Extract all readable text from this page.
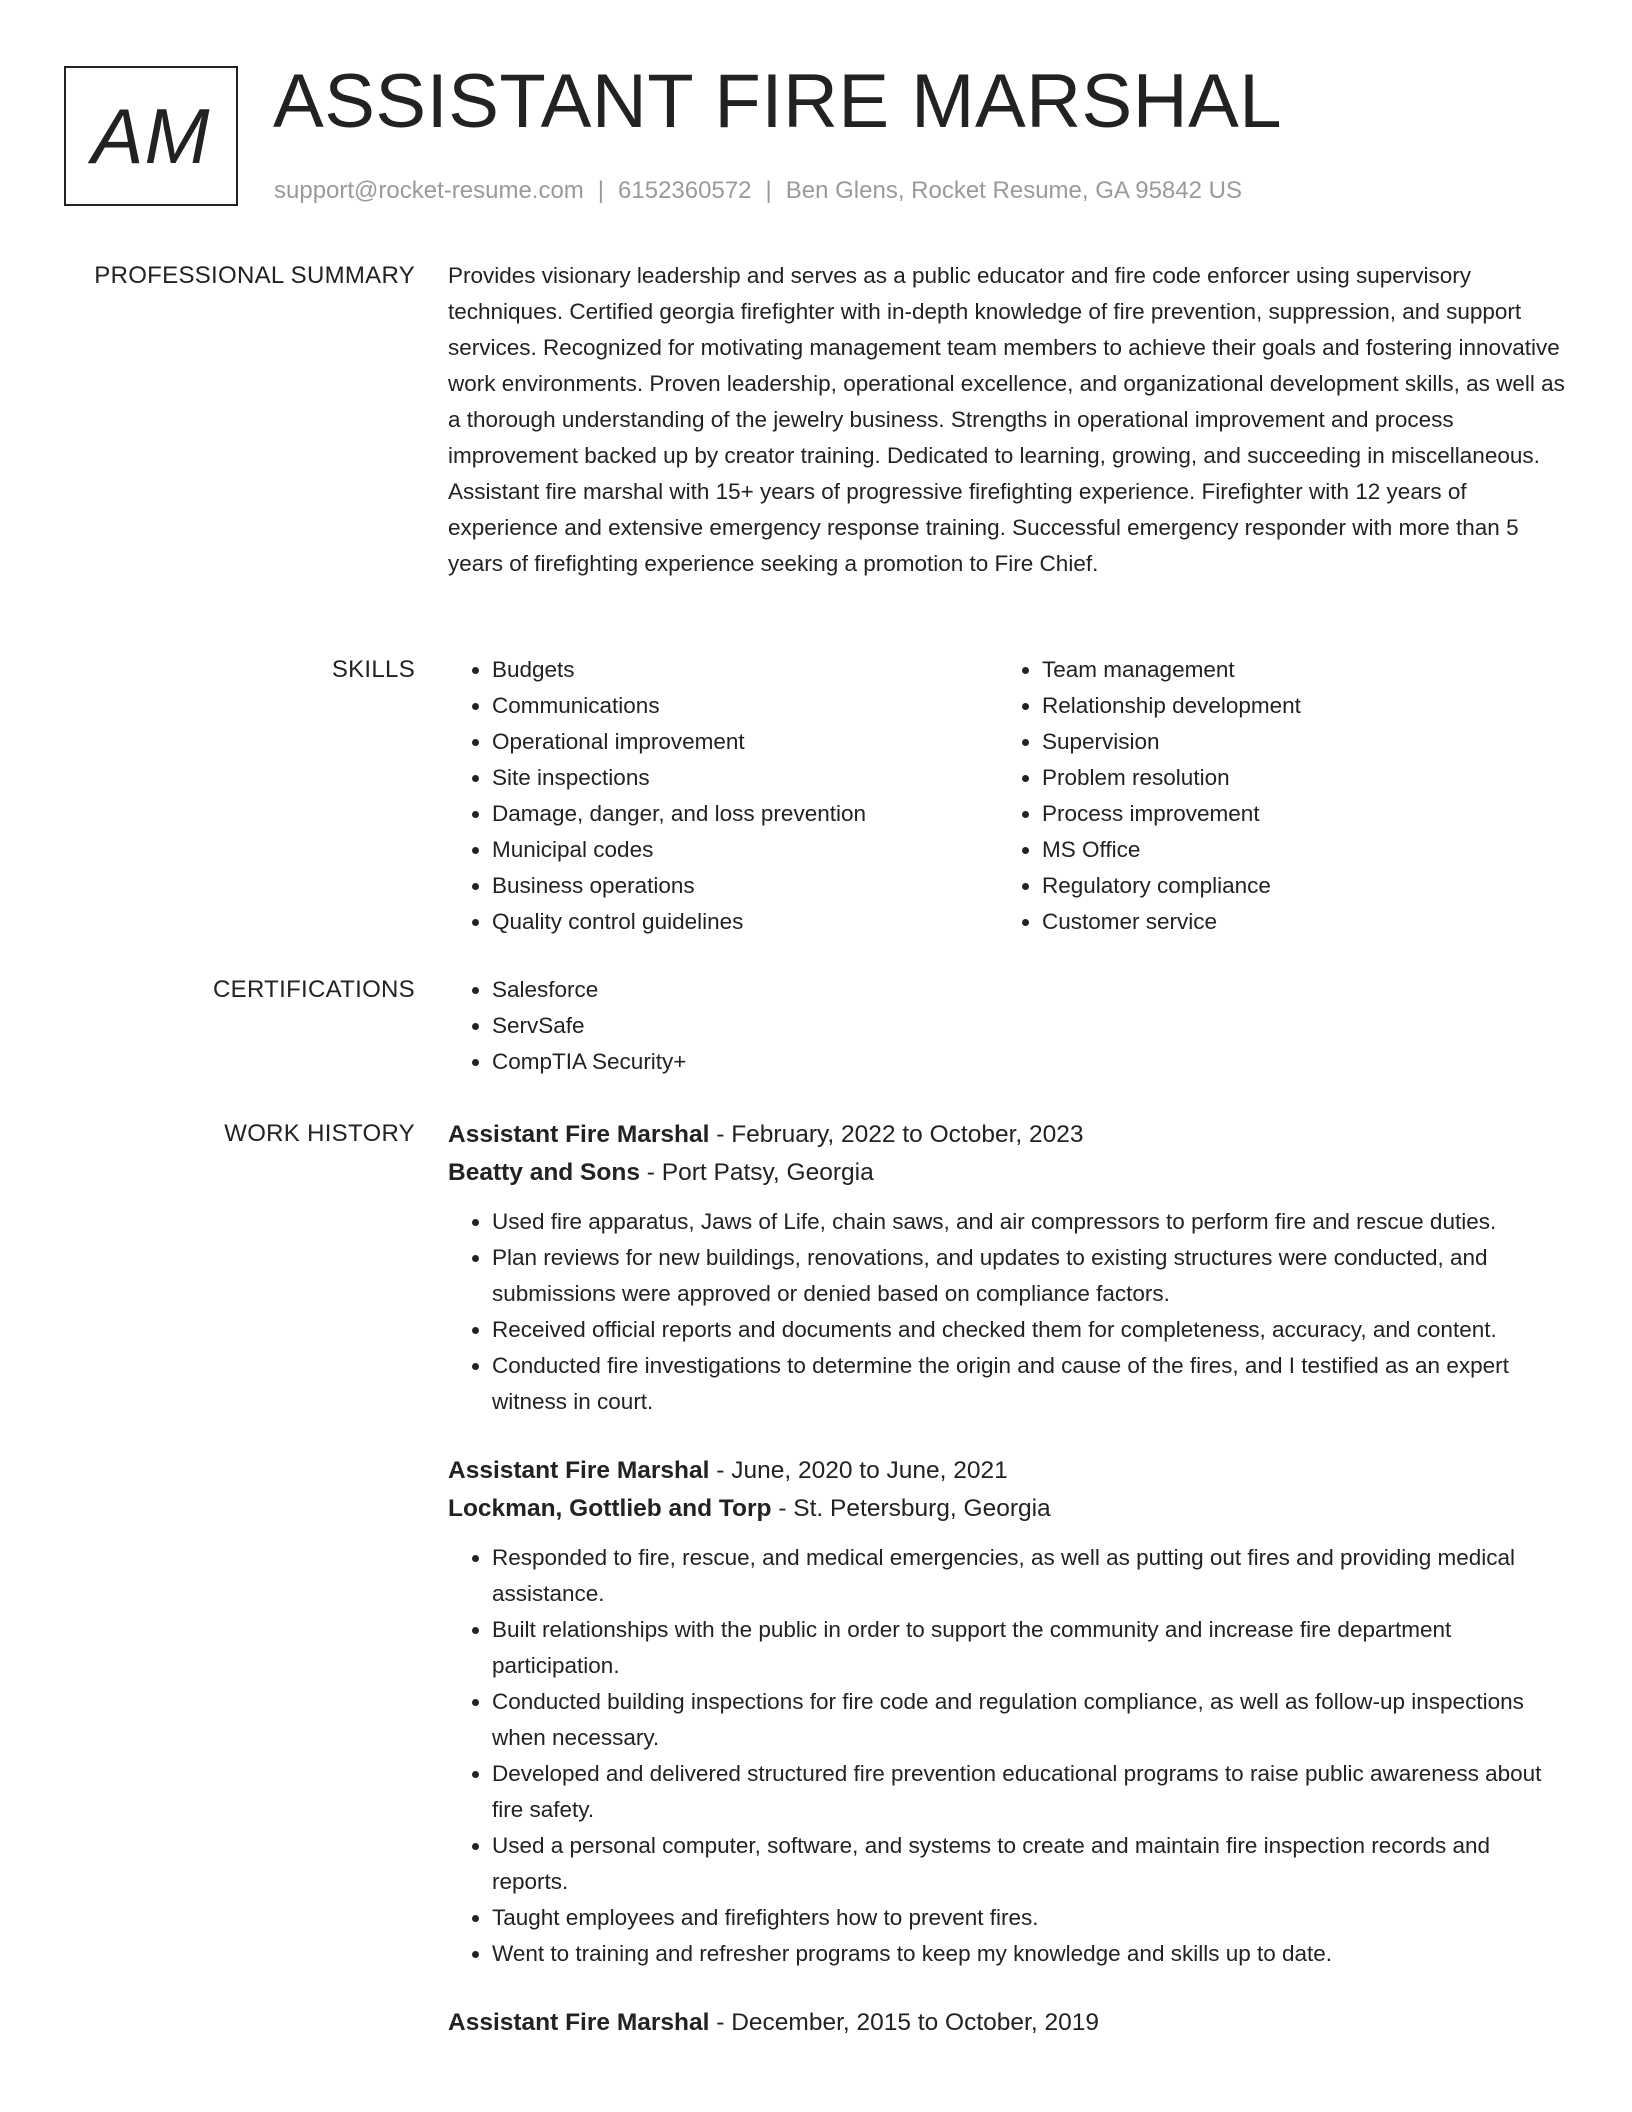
AM ASSISTANT FIRE MARSHAL
support@rocket-resume.com | 6152360572 | Ben Glens, Rocket Resume, GA 95842 US
PROFESSIONAL SUMMARY Provides visionary leadership and serves as a public educator and fire code enforcer using supervisory techniques. Certified georgia firefighter with in-depth knowledge of fire prevention, suppression, and support services. Recognized for motivating management team members to achieve their goals and fostering innovative work environments. Proven leadership, operational excellence, and organizational development skills, as well as a thorough understanding of the jewelry business. Strengths in operational improvement and process improvement backed up by creator training. Dedicated to learning, growing, and succeeding in miscellaneous. Assistant fire marshal with 15+ years of progressive firefighting experience. Firefighter with 12 years of experience and extensive emergency response training. Successful emergency responder with more than 5 years of firefighting experience seeking a promotion to Fire Chief.

SKILLS	• Budgets
• Communications
• Operational improvement
• Site inspections
• Damage, danger, and loss prevention
• Municipal codes
• Business operations
• Quality control guidelines
• Team management
• Relationship development
• Supervision
• Problem resolution
• Process improvement
• MS Office
• Regulatory compliance
• Customer service
CERTIFICATIONS	• Salesforce
• ServSafe
• CompTIA Security+
WORK HISTORY Assistant Fire Marshal - February, 2022 to October, 2023
Beatty and Sons - Port Patsy, Georgia
• Used fire apparatus, Jaws of Life, chain saws, and air compressors to perform fire and rescue duties.
• Plan reviews for new buildings, renovations, and updates to existing structures were conducted, and submissions were approved or denied based on compliance factors.
• Received official reports and documents and checked them for completeness, accuracy, and content.
• Conducted fire investigations to determine the origin and cause of the fires, and I testified as an expert witness in court.
Assistant Fire Marshal - June, 2020 to June, 2021
Lockman, Gottlieb and Torp - St. Petersburg, Georgia
• Responded to fire, rescue, and medical emergencies, as well as putting out fires and providing medical assistance.
• Built relationships with the public in order to support the community and increase fire department participation.
• Conducted building inspections for fire code and regulation compliance, as well as follow-up inspections when necessary.
• Developed and delivered structured fire prevention educational programs to raise public awareness about fire safety.
• Used a personal computer, software, and systems to create and maintain fire inspection records and reports.
• Taught employees and firefighters how to prevent fires.
• Went to training and refresher programs to keep my knowledge and skills up to date.
Assistant Fire Marshal - December, 2015 to October, 2019
